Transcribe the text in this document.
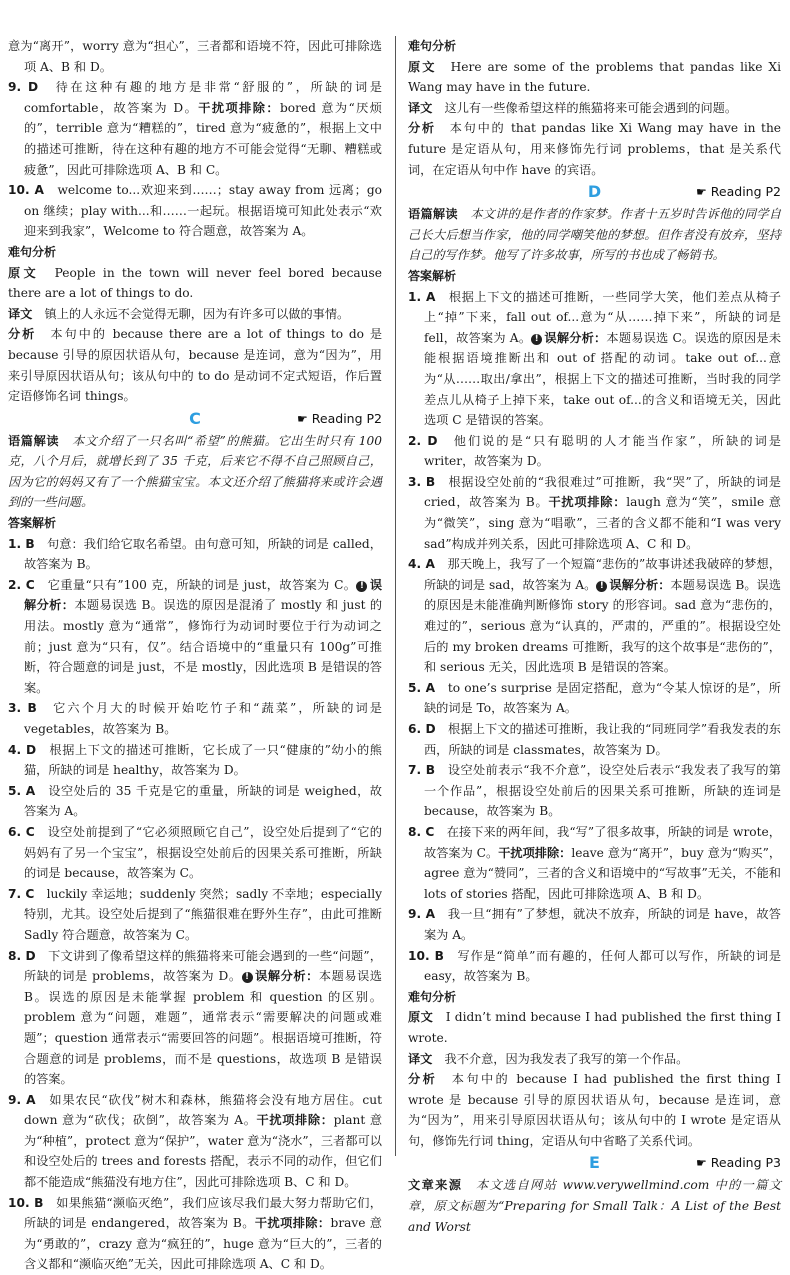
意为“离开”，worry 意为“担心”，三者都和语境不符，因此可排除选项 A、B 和 D。

9. D　待在这种有趣的地方是非常“舒服的”，所缺的词是 comfortable，故答案为 D。干扰项排除：bored 意为“厌烦的”，terrible 意为“糟糕的”，tired 意为“疲惫的”，根据上文中的描述可推断，待在这种有趣的地方不可能会觉得“无聊、糟糕或疲惫”，因此可排除选项 A、B 和 C。

10. A　welcome to...欢迎来到……；stay away from 远离；go on 继续；play with...和……一起玩。根据语境可知此处表示“欢迎来到我家”，Welcome to 符合题意，故答案为 A。

难句分析

原文　People in the town will never feel bored because there are a lot of things to do.

译文　镇上的人永远不会觉得无聊，因为有许多可以做的事情。

分析　本句中的 because there are a lot of things to do 是 because 引导的原因状语从句，because 是连词，意为“因为”，用来引导原因状语从句；该从句中的 to do 是动词不定式短语，作后置定语修饰名词 things。

C	☛ Reading P2

语篇解读　本文介绍了一只名叫“希望”的熊猫。它出生时只有 100 克，八个月后，就增长到了 35 千克，后来它不得不自己照顾自己，因为它的妈妈又有了一个熊猫宝宝。本文还介绍了熊猫将来或许会遇到的一些问题。

答案解析

1. B　句意：我们给它取名希望。由句意可知，所缺的词是 called，故答案为 B。

2. C　它重量“只有”100 克，所缺的词是 just，故答案为 C。 ! 误解分析：本题易误选 B。误选的原因是混淆了 mostly 和 just 的用法。mostly 意为“通常”，修饰行为动词时要位于行为动词之前；just 意为“只有，仅”。结合语境中的“重量只有 100g”可推断，符合题意的词是 just，不是 mostly，因此选项 B 是错误的答案。

3. B　它六个月大的时候开始吃竹子和“蔬菜”，所缺的词是 vegetables，故答案为 B。

4. D　根据上下文的描述可推断，它长成了一只“健康的”幼小的熊猫，所缺的词是 healthy，故答案为 D。

5. A　设空处后的 35 千克是它的重量，所缺的词是 weighed，故答案为 A。

6. C　设空处前提到了“它必须照顾它自己”，设空处后提到了“它的妈妈有了另一个宝宝”，根据设空处前后的因果关系可推断，所缺的词是 because，故答案为 C。

7. C　luckily 幸运地；suddenly 突然；sadly 不幸地；especially 特别，尤其。设空处后提到了“熊猫很难在野外生存”，由此可推断 Sadly 符合题意，故答案为 C。

8. D　下文讲到了像希望这样的熊猫将来可能会遇到的一些“问题”，所缺的词是 problems，故答案为 D。 ! 误解分析：本题易误选 B。误选的原因是未能掌握 problem 和 question 的区别。problem 意为“问题，难题”，通常表示“需要解决的问题或难题”；question 通常表示“需要回答的问题”。根据语境可推断，符合题意的词是 problems，而不是 questions，故选项 B 是错误的答案。

9. A　如果农民“砍伐”树木和森林，熊猫将会没有地方居住。cut down 意为“砍伐；砍倒”，故答案为 A。干扰项排除：plant 意为“种植”，protect 意为“保护”，water 意为“浇水”，三者都可以和设空处后的 trees and forests 搭配，表示不同的动作，但它们都不能造成“熊猫没有地方住”，因此可排除选项 B、C 和 D。

10. B　如果熊猫“濒临灭绝”，我们应该尽我们最大努力帮助它们，所缺的词是 endangered，故答案为 B。干扰项排除：brave 意为“勇敢的”，crazy 意为“疯狂的”，huge 意为“巨大的”，三者的含义都和“濒临灭绝”无关，因此可排除选项 A、C 和 D。

难句分析

原文　Here are some of the problems that pandas like Xi Wang may have in the future.

译文　这儿有一些像希望这样的熊猫将来可能会遇到的问题。

分析　本句中的 that pandas like Xi Wang may have in the future 是定语从句，用来修饰先行词 problems，that 是关系代词，在定语从句中作 have 的宾语。

D	☛ Reading P2

语篇解读　本文讲的是作者的作家梦。作者十五岁时告诉他的同学自己长大后想当作家，他的同学嘲笑他的梦想。但作者没有放弃，坚持自己的写作梦。他写了许多故事，所写的书也成了畅销书。

答案解析

1. A　根据上下文的描述可推断，一些同学大笑，他们差点从椅子上“掉”下来，fall out of...意为“从……掉下来”，所缺的词是 fell，故答案为 A。 ! 误解分析：本题易误选 C。误选的原因是未能根据语境推断出和 out of 搭配的动词。take out of...意为“从……取出/拿出”，根据上下文的描述可推断，当时我的同学差点儿从椅子上掉下来，take out of...的含义和语境无关，因此选项 C 是错误的答案。

2. D　他们说的是“只有聪明的人才能当作家”，所缺的词是 writer，故答案为 D。

3. B　根据设空处前的“我很难过”可推断，我“哭”了，所缺的词是 cried，故答案为 B。干扰项排除：laugh 意为“笑”，smile 意为“微笑”，sing 意为“唱歌”，三者的含义都不能和“I was very sad”构成并列关系，因此可排除选项 A、C 和 D。

4. A　那天晚上，我写了一个短篇“悲伤的”故事讲述我破碎的梦想，所缺的词是 sad，故答案为 A。 ! 误解分析：本题易误选 B。误选的原因是未能准确判断修饰 story 的形容词。sad 意为“悲伤的，难过的”，serious 意为“认真的，严肃的，严重的”。根据设空处后的 my broken dreams 可推断，我写的这个故事是“悲伤的”，和 serious 无关，因此选项 B 是错误的答案。

5. A　to one’s surprise 是固定搭配，意为“令某人惊讶的是”，所缺的词是 To，故答案为 A。

6. D　根据上下文的描述可推断，我让我的“同班同学”看我发表的东西，所缺的词是 classmates，故答案为 D。

7. B　设空处前表示“我不介意”，设空处后表示“我发表了我写的第一个作品”，根据设空处前后的因果关系可推断，所缺的连词是 because，故答案为 B。

8. C　在接下来的两年间，我“写”了很多故事，所缺的词是 wrote，故答案为 C。干扰项排除：leave 意为“离开”，buy 意为“购买”，agree 意为“赞同”，三者的含义和语境中的“写故事”无关，不能和 lots of stories 搭配，因此可排除选项 A、B 和 D。

9. A　我一旦“拥有”了梦想，就决不放弃，所缺的词是 have，故答案为 A。

10. B　写作是“简单”而有趣的，任何人都可以写作，所缺的词是 easy，故答案为 B。

难句分析

原文　I didn’t mind because I had published the first thing I wrote.

译文　我不介意，因为我发表了我写的第一个作品。

分析　本句中的 because I had published the first thing I wrote 是 because 引导的原因状语从句，because 是连词，意为“因为”，用来引导原因状语从句；该从句中的 I wrote 是定语从句，修饰先行词 thing，定语从句中省略了关系代词。

E	☛ Reading P3

文章来源　本文选自网站 www.verywellmind.com 中的一篇文章，原文标题为“Preparing for Small Talk：A List of the Best and Worst
